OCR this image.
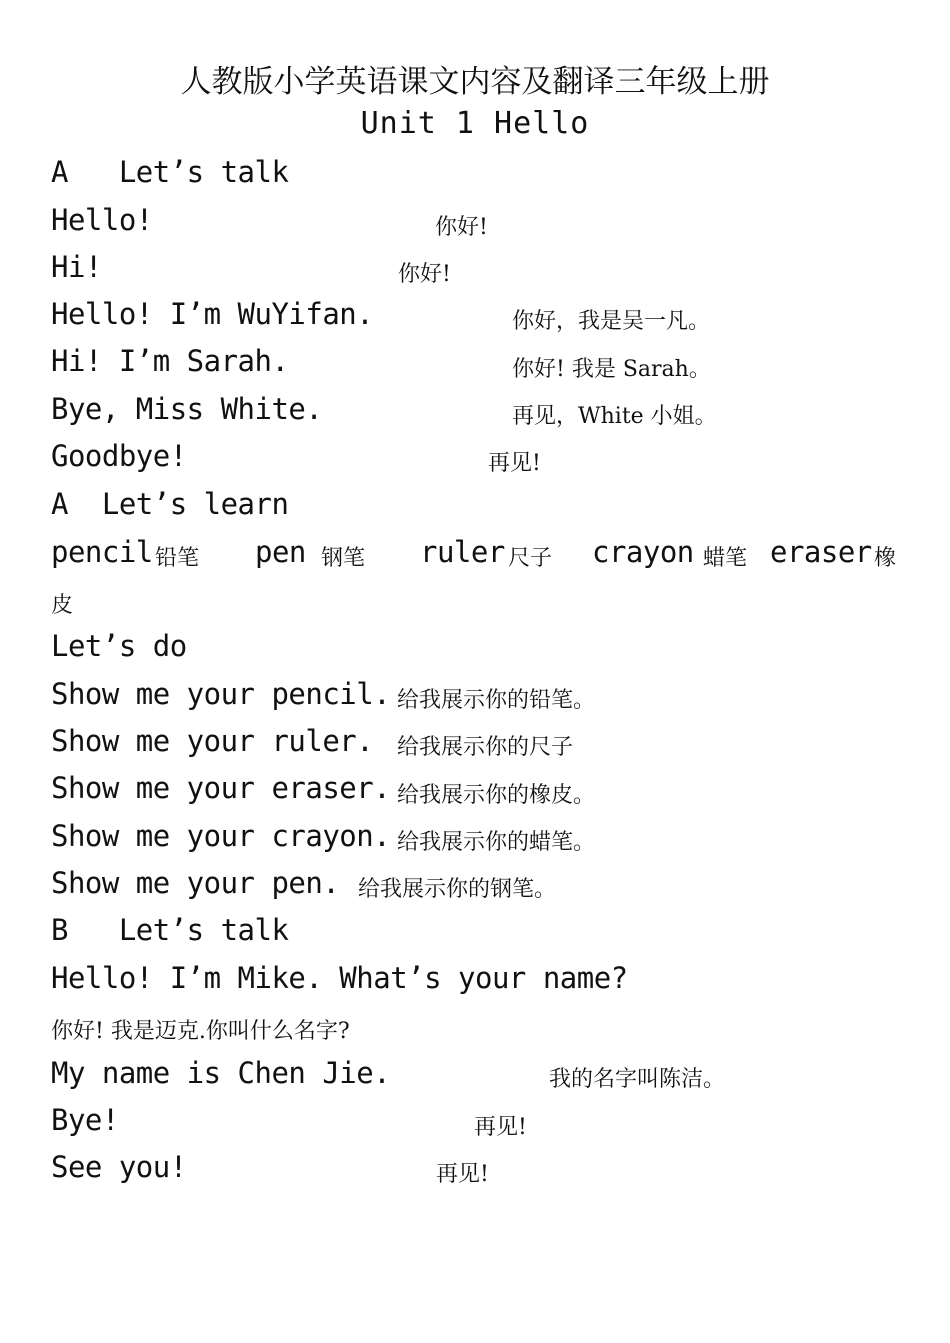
人教版小学英语课文内容及翻译三年级上册
Unit 1 Hello
A   Let’s talk
Hello!	你好!
Hi!	你好!
Hello! I’m WuYifan.	你好，我是吴一凡。
Hi! I’m Sarah.	你好! 我是 Sarah。
Bye, Miss White.	再见，White 小姐。
Goodbye!	再见!
A  Let’s learn
pencil 铅笔 pen 钢笔 ruler 尺子 crayon 蜡笔 eraser 橡
皮
Let’s do
Show me your pencil. 给我展示你的铅笔。
Show me your ruler. 给我展示你的尺子
Show me your eraser. 给我展示你的橡皮。
Show me your crayon. 给我展示你的蜡笔。
Show me your pen. 给我展示你的钢笔。
B   Let’s talk
Hello! I’m Mike. What’s your name?
你好! 我是迈克.你叫什么名字?
My name is Chen Jie.	我的名字叫陈洁。
Bye!	再见!
See you!	再见!
